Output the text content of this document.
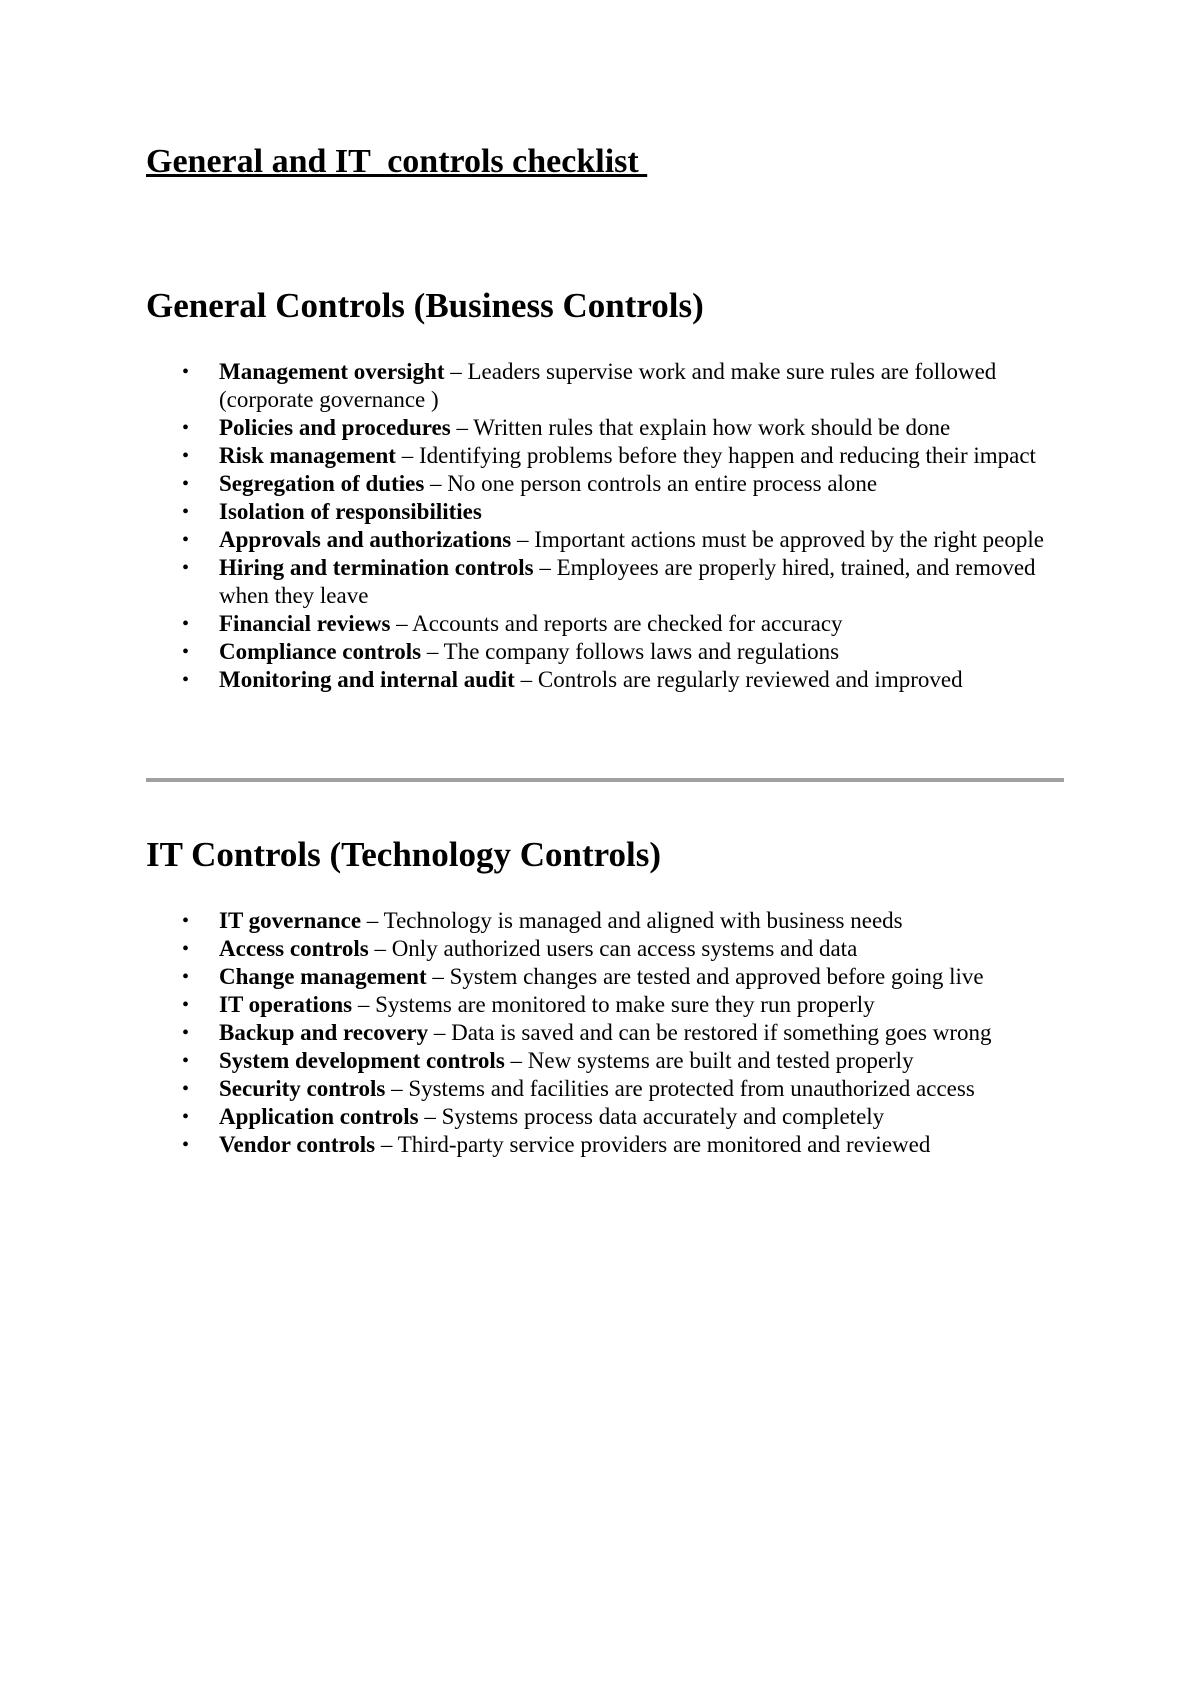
General and IT  controls checklist
General Controls (Business Controls)
• Management oversight – Leaders supervise work and make sure rules are followed (corporate governance )
• Policies and procedures – Written rules that explain how work should be done
• Risk management – Identifying problems before they happen and reducing their impact
• Segregation of duties – No one person controls an entire process alone
• Isolation of responsibilities
• Approvals and authorizations – Important actions must be approved by the right people
• Hiring and termination controls – Employees are properly hired, trained, and removed when they leave
• Financial reviews – Accounts and reports are checked for accuracy
• Compliance controls – The company follows laws and regulations
• Monitoring and internal audit – Controls are regularly reviewed and improved
IT Controls (Technology Controls)
• IT governance – Technology is managed and aligned with business needs
• Access controls – Only authorized users can access systems and data
• Change management – System changes are tested and approved before going live
• IT operations – Systems are monitored to make sure they run properly
• Backup and recovery – Data is saved and can be restored if something goes wrong
• System development controls – New systems are built and tested properly
• Security controls – Systems and facilities are protected from unauthorized access
• Application controls – Systems process data accurately and completely
• Vendor controls – Third-party service providers are monitored and reviewed
